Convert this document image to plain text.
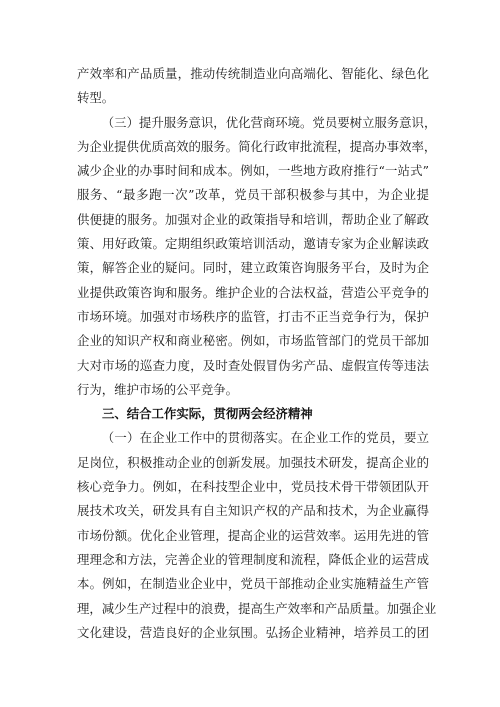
产效率和产品质量，推动传统制造业向高端化、智能化、绿色化
转型。
（三）提升服务意识，优化营商环境。党员要树立服务意识，
为企业提供优质高效的服务。简化行政审批流程，提高办事效率，
减少企业的办事时间和成本。例如，一些地方政府推行“一站式”
服务、“最多跑一次”改革，党员干部积极参与其中，为企业提
供便捷的服务。加强对企业的政策指导和培训，帮助企业了解政
策、用好政策。定期组织政策培训活动，邀请专家为企业解读政
策，解答企业的疑问。同时，建立政策咨询服务平台，及时为企
业提供政策咨询和服务。维护企业的合法权益，营造公平竞争的
市场环境。加强对市场秩序的监管，打击不正当竞争行为，保护
企业的知识产权和商业秘密。例如，市场监管部门的党员干部加
大对市场的巡查力度，及时查处假冒伪劣产品、虚假宣传等违法
行为，维护市场的公平竞争。
三、结合工作实际，贯彻两会经济精神
（一）在企业工作中的贯彻落实。在企业工作的党员，要立
足岗位，积极推动企业的创新发展。加强技术研发，提高企业的
核心竞争力。例如，在科技型企业中，党员技术骨干带领团队开
展技术攻关，研发具有自主知识产权的产品和技术，为企业赢得
市场份额。优化企业管理，提高企业的运营效率。运用先进的管
理理念和方法，完善企业的管理制度和流程，降低企业的运营成
本。例如，在制造业企业中，党员干部推动企业实施精益生产管
理，减少生产过程中的浪费，提高生产效率和产品质量。加强企业
文化建设，营造良好的企业氛围。弘扬企业精神，培养员工的团
